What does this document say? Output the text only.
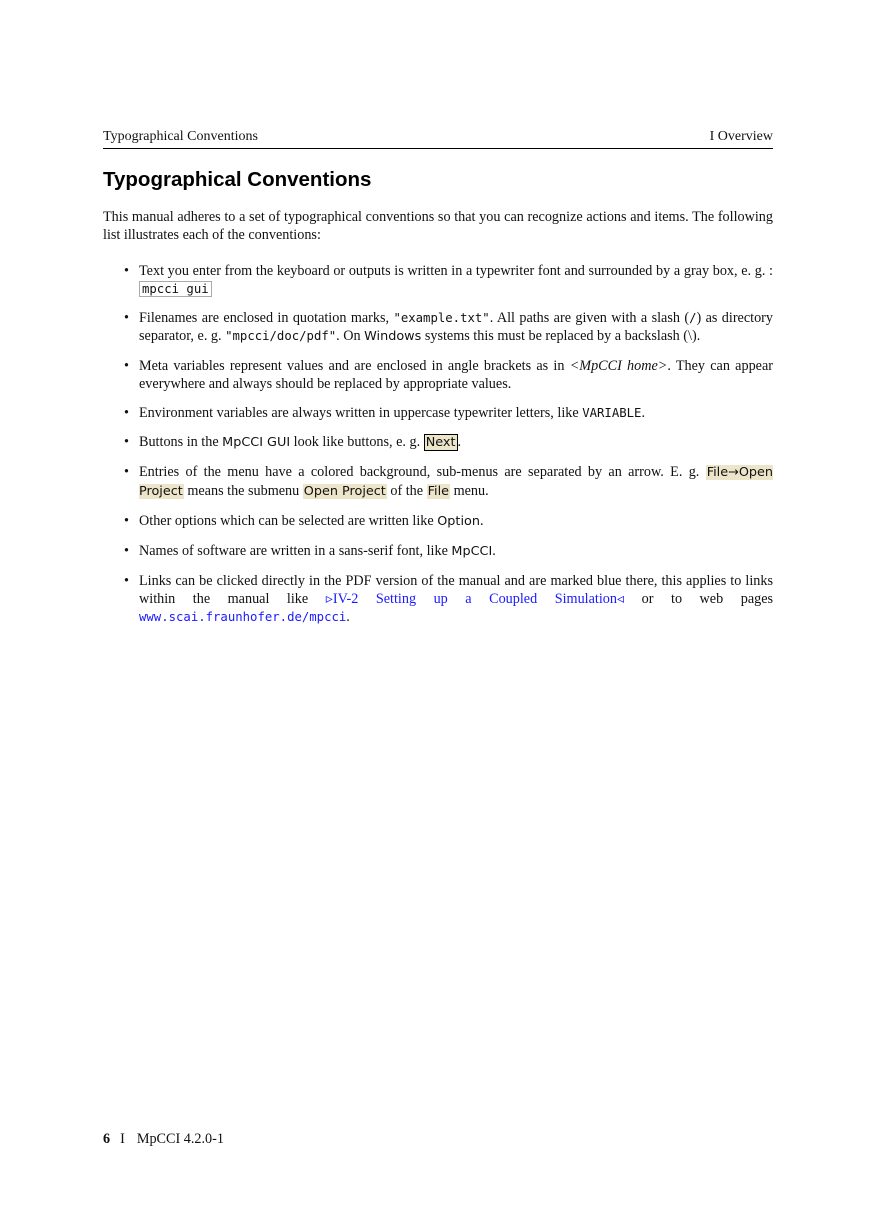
Typographical Conventions	I Overview
Typographical Conventions

This manual adheres to a set of typographical conventions so that you can recognize actions and items. The following list illustrates each of the conventions:

• Text you enter from the keyboard or outputs is written in a typewriter font and surrounded by a gray box, e. g. : mpcci gui
• Filenames are enclosed in quotation marks, "example.txt". All paths are given with a slash (/) as directory separator, e. g. "mpcci/doc/pdf". On Windows systems this must be replaced by a backslash (\).
• Meta variables represent values and are enclosed in angle brackets as in <MpCCI home>. They can appear everywhere and always should be replaced by appropriate values.
• Environment variables are always written in uppercase typewriter letters, like VARIABLE.
• Buttons in the MpCCI GUI look like buttons, e. g. Next .
• Entries of the menu have a colored background, sub-menus are separated by an arrow. E. g. File→Open Project means the submenu Open Project of the File menu.
• Other options which can be selected are written like Option.
• Names of software are written in a sans-serif font, like MpCCI.
• Links can be clicked directly in the PDF version of the manual and are marked blue there, this applies to links within the manual like ▹IV-2 Setting up a Coupled Simulation◃ or to web pages www.scai.fraunhofer.de/mpcci.
6 I MpCCI 4.2.0-1
